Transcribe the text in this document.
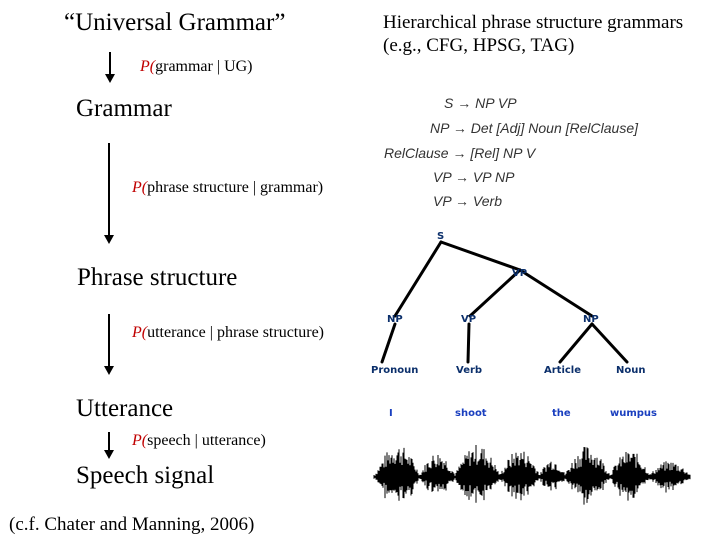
“Universal Grammar”
P(grammar | UG)
Grammar
P(phrase structure | grammar)
Phrase structure
P(utterance | phrase structure)
Utterance
P(speech | utterance)
Speech signal
(c.f. Chater and Manning, 2006)
Hierarchical phrase structure grammars (e.g., CFG, HPSG, TAG)
S → NP VP
NP → Det [Adj] Noun [RelClause]
RelClause → [Rel] NP V
VP → VP NP
VP → Verb
S
VP
NP	VP	NP
Pronoun	Verb	Article	Noun
I	shoot	the	wumpus
